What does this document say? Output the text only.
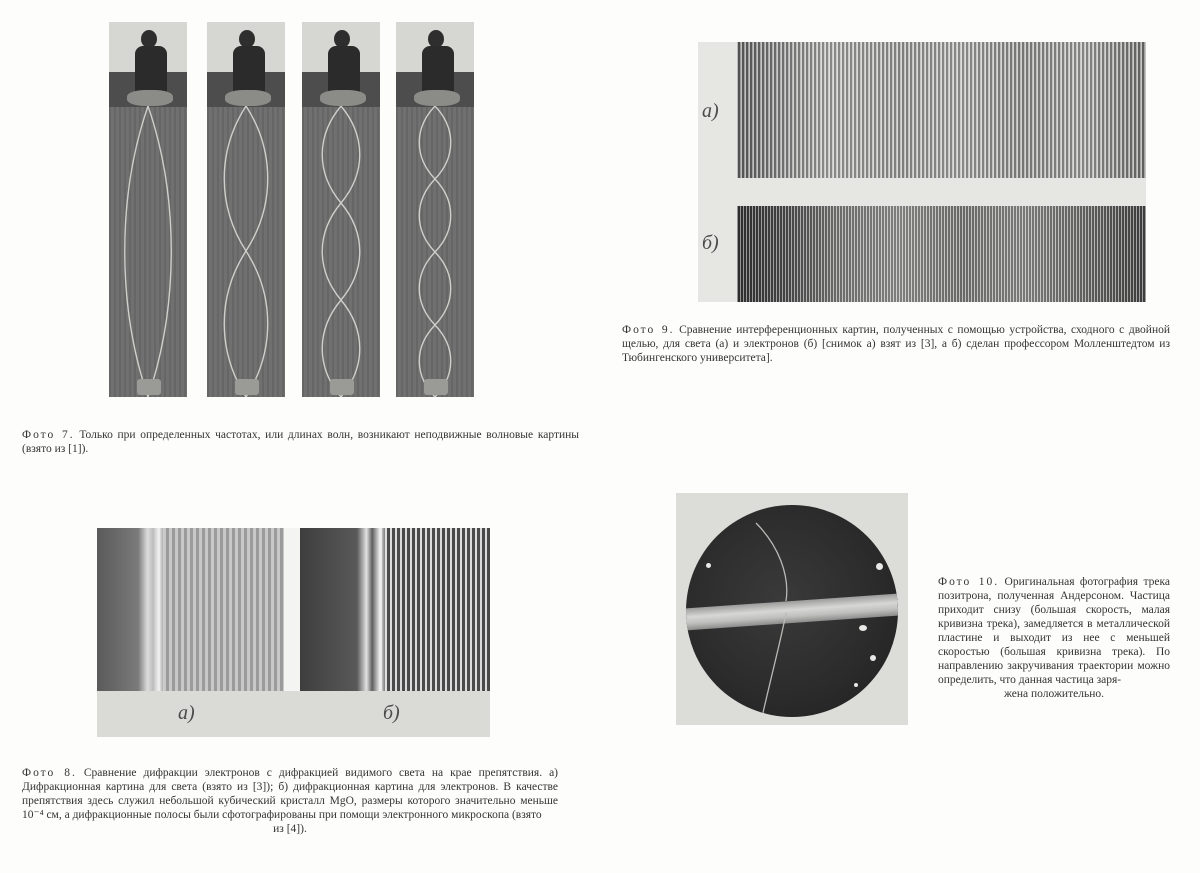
Фото 7. Только при определенных частотах, или длинах волн, возникают неподвижные волновые картины (взято из [1]).
а)	б)
Фото 8. Сравнение дифракции электронов с дифракцией видимого света на крае препятствия. а) Дифракционная картина для света (взято из [3]); б) дифракционная картина для электронов. В качестве препятствия здесь служил небольшой кубический кристалл MgO, размеры которого значительно меньше 10⁻⁴ см, а дифракционные полосы были сфотографированы при помощи электронного микроскопа (взято
из [4]).
а)
б)
Фото 9. Сравнение интерференционных картин, полученных с помощью устройства, сходного с двойной щелью, для света (а) и электронов (б) [снимок а) взят из [3], а б) сделан профессором Молленштедтом из Тюбингенского университета].
Фото 10. Оригинальная фотография трека позитрона, полученная Андерсоном. Частица приходит снизу (большая скорость, малая кривизна трека), замедляется в металлической пластине и выходит из нее с меньшей скоростью (большая кривизна трека). По направлению закручивания траектории можно определить, что данная частица заря-
жена положительно.
